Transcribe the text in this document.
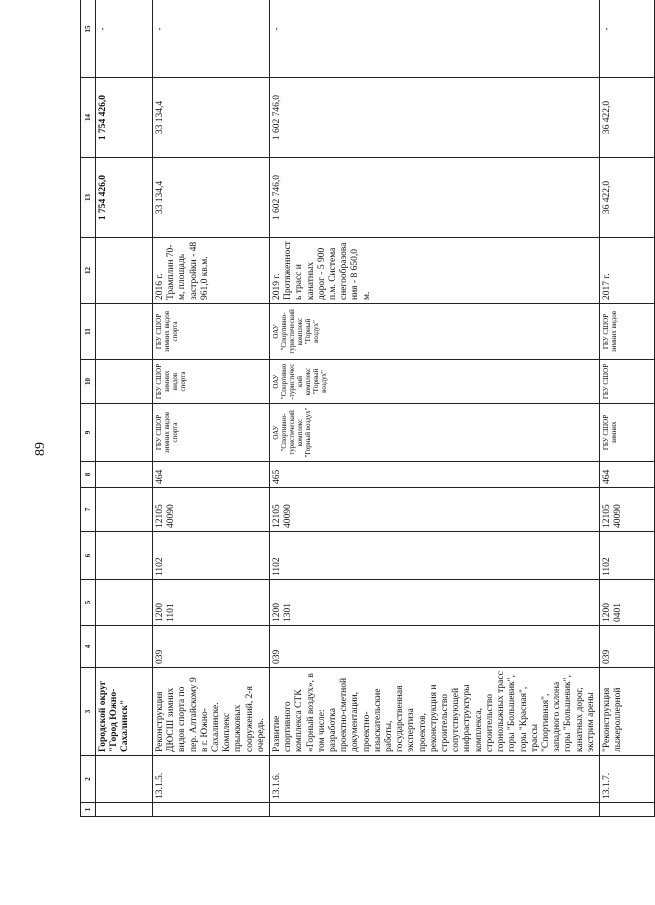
89
1	2	3	4	5	6	7	8	9	10	11	12	13	14	15
		Городской округ "Город Южно-Сахалинск"										1 754 426,0	1 754 426,0	-
	13.1.5.	Реконструкция ДЮСШ зимних видов спорта по пер. Алтайскому 9 в г. Южно-Сахалинске. Комплекс прыжковых сооружений, 2-я очередь.	039	1200 1101	1102	12105 40090	464	ГБУ СШОР зимних видов спорта	ГБУ СШОР зимних видов спорта	ГБУ СШОР зимних видов спорта	2016 г. Трамплин 70-м, площадь застройки - 48 961,0 кв.м.	33 134,4	33 134,4	-
	13.1.6.	Развитие спортивного комплекса СТК «Горный воздух», в том числе: разработка проектно-сметной документации, проектно-изыскательские работы, государственная экспертиза проектов, реконструкция и строительство сопутствующей инфраструктуры комплекса, строительство горнолыжных трасс горы "Большевик", горы "Красная", трассы "Спортивная", западного склона горы "Большевик", канатных дорог, экстрим арены	039	1200 1301	1102	12105 40090	465	ОАУ "Спортивно-туристический комплекс "Горный воздух"	ОАУ "Спортивно-туристический комплекс "Горный воздух"	ОАУ "Спортивно-туристический комплекс "Горный воздух"	2019 г. Протяженность трасс и канатных дорог - 5 900 п.м. Система снегообразования - 8 650,0 м.	1 602 746,0	1 602 746,0	-
	13.1.7.	"Реконструкция лыжероллерной	039	1200 0401	1102	12105 40090	464	ГБУ СШОР зимних	ГБУ СШОР	ГБУ СШОР зимних видов	2017 г.	36 422,0	36 422,0	-
